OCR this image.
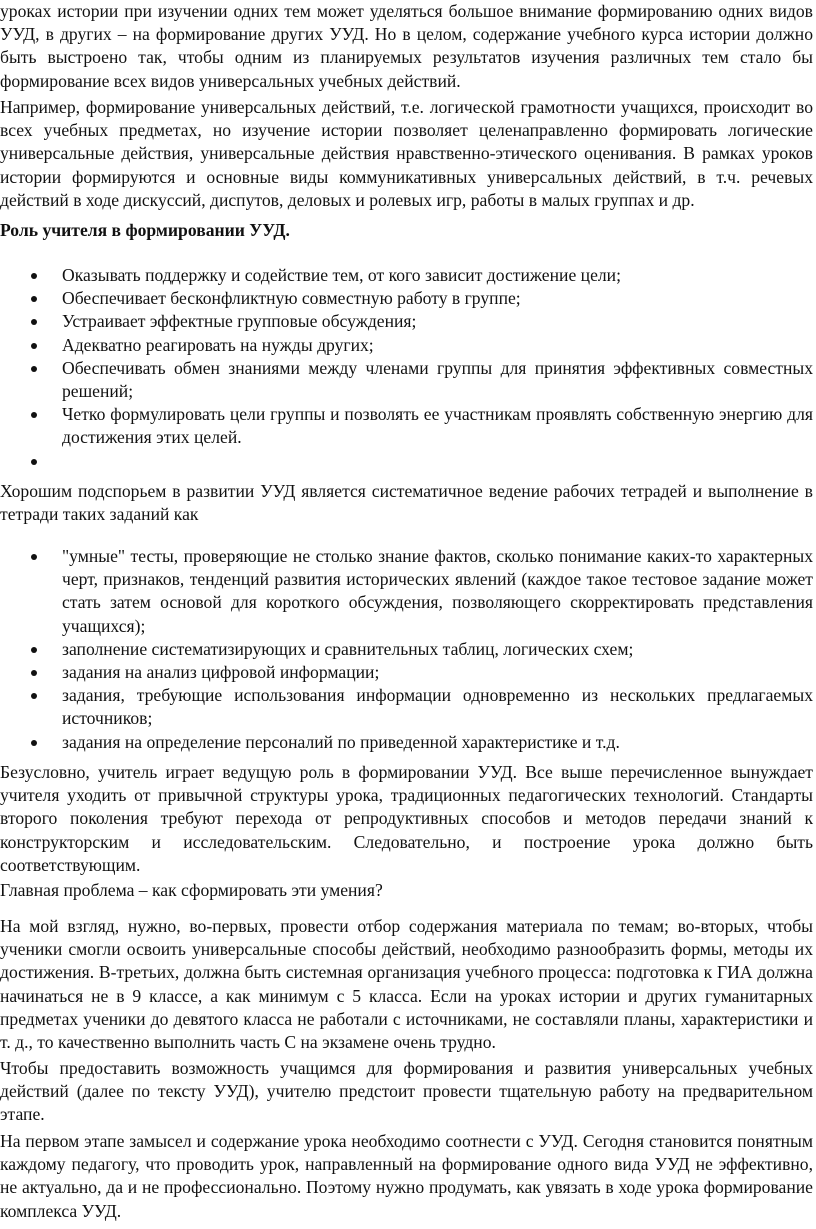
уроках истории при изучении одних тем может уделяться большое внимание формированию одних видов УУД, в других – на формирование других УУД. Но в целом, содержание учебного курса истории должно быть выстроено так, чтобы одним из планируемых результатов изучения различных тем стало бы формирование всех видов универсальных учебных действий.

Например, формирование универсальных действий, т.е. логической грамотности учащихся, происходит во всех учебных предметах, но изучение истории позволяет целенаправленно формировать логические универсальные действия, универсальные действия нравственно-этического оценивания. В рамках уроков истории формируются и основные виды коммуникативных универсальных действий, в т.ч. речевых действий в ходе дискуссий, диспутов, деловых и ролевых игр, работы в малых группах и др.

Роль учителя в формировании УУД.

Оказывать поддержку и содействие тем, от кого зависит достижение цели;
Обеспечивает бесконфликтную совместную работу в группе;
Устраивает эффектные групповые обсуждения;
Адекватно реагировать на нужды других;
Обеспечивать обмен знаниями между членами группы для принятия эффективных совместных решений;
Четко формулировать цели группы и позволять ее участникам проявлять собственную энергию для достижения этих целей.

Хорошим подспорьем в развитии УУД является систематичное ведение рабочих тетрадей и выполнение в тетради таких заданий как

"умные" тесты, проверяющие не столько знание фактов, сколько понимание каких-то характерных черт, признаков, тенденций развития исторических явлений (каждое такое тестовое задание может стать затем основой для короткого обсуждения, позволяющего скорректировать представления учащихся);
заполнение систематизирующих и сравнительных таблиц, логических схем;
задания на анализ цифровой информации;
задания, требующие использования информации одновременно из нескольких предлагаемых источников;
задания на определение персоналий по приведенной характеристике и т.д.

Безусловно, учитель играет ведущую роль в формировании УУД. Все выше перечисленное вынуждает учителя уходить от привычной структуры урока, традиционных педагогических технологий. Стандарты второго поколения требуют перехода от репродуктивных способов и методов передачи знаний к конструкторским и исследовательским. Следовательно, и построение урока должно быть соответствующим.

Главная проблема – как сформировать эти умения?

На мой взгляд, нужно, во-первых, провести отбор содержания материала по темам; во-вторых, чтобы ученики смогли освоить универсальные способы действий, необходимо разнообразить формы, методы их достижения. В-третьих, должна быть системная организация учебного процесса: подготовка к ГИА должна начинаться не в 9 классе, а как минимум с 5 класса. Если на уроках истории и других гуманитарных предметах ученики до девятого класса не работали с источниками, не составляли планы, характеристики и т. д., то качественно выполнить часть С на экзамене очень трудно.

Чтобы предоставить возможность учащимся для формирования и развития универсальных учебных действий (далее по тексту УУД), учителю предстоит провести тщательную работу на предварительном этапе.

На первом этапе замысел и содержание урока необходимо соотнести с УУД. Сегодня становится понятным каждому педагогу, что проводить урок, направленный на формирование одного вида УУД не эффективно, не актуально, да и не профессионально. Поэтому нужно продумать, как увязать в ходе урока формирование комплекса УУД.
